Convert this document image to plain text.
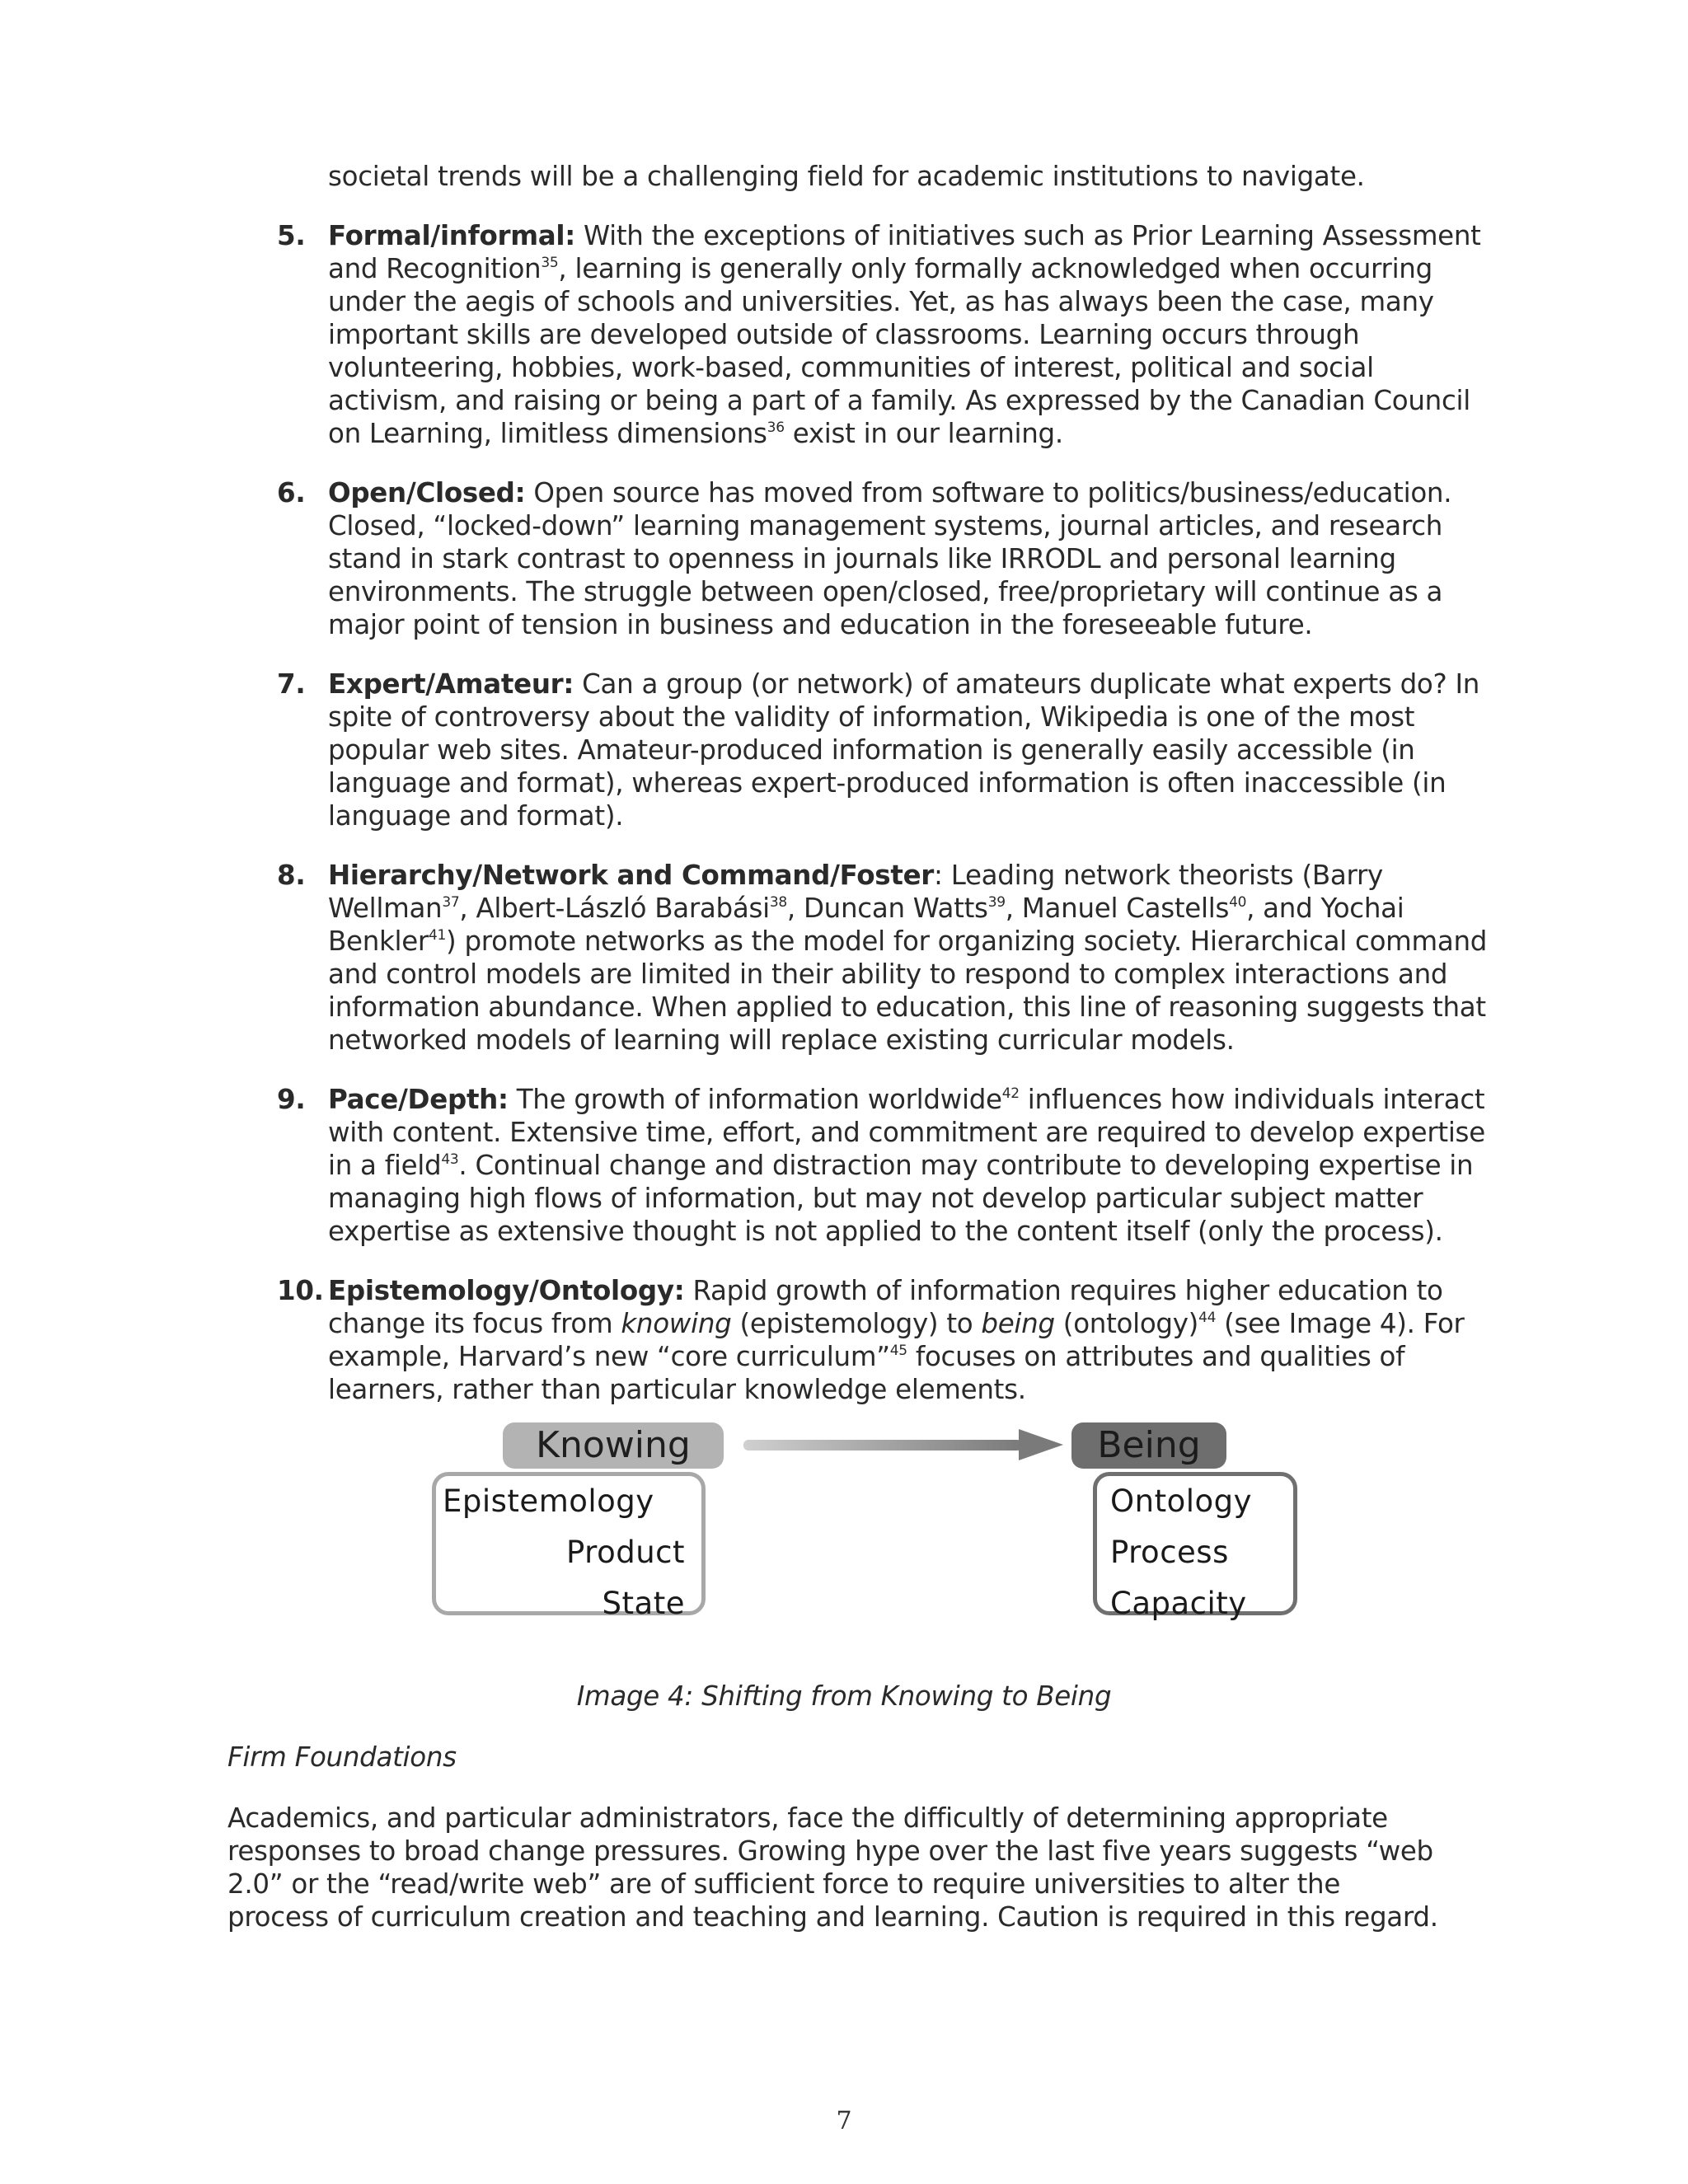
societal trends will be a challenging field for academic institutions to navigate.
5. Formal/informal: With the exceptions of initiatives such as Prior Learning Assessment and Recognition$^{35}$, learning is generally only formally acknowledged when occurring under the aegis of schools and universities. Yet, as has always been the case, many important skills are developed outside of classrooms. Learning occurs through volunteering, hobbies, work-based, communities of interest, political and social activism, and raising or being a part of a family. As expressed by the Canadian Council on Learning, limitless dimensions$^{36}$ exist in our learning.
6. Open/Closed: Open source has moved from software to politics/business/education. Closed, “locked-down” learning management systems, journal articles, and research stand in stark contrast to openness in journals like IRRODL and personal learning environments. The struggle between open/closed, free/proprietary will continue as a major point of tension in business and education in the foreseeable future.
7. Expert/Amateur: Can a group (or network) of amateurs duplicate what experts do? In spite of controversy about the validity of information, Wikipedia is one of the most popular web sites. Amateur-produced information is generally easily accessible (in language and format), whereas expert-produced information is often inaccessible (in language and format).
8. Hierarchy/Network and Command/Foster: Leading network theorists (Barry Wellman$^{37}$, Albert-László Barabási$^{38}$, Duncan Watts$^{39}$, Manuel Castells$^{40}$, and Yochai Benkler$^{41}$) promote networks as the model for organizing society. Hierarchical command and control models are limited in their ability to respond to complex interactions and information abundance. When applied to education, this line of reasoning suggests that networked models of learning will replace existing curricular models.
9. Pace/Depth: The growth of information worldwide$^{42}$ influences how individuals interact with content. Extensive time, effort, and commitment are required to develop expertise in a field$^{43}$. Continual change and distraction may contribute to developing expertise in managing high flows of information, but may not develop particular subject matter expertise as extensive thought is not applied to the content itself (only the process).
10. Epistemology/Ontology: Rapid growth of information requires higher education to change its focus from knowing (epistemology) to being (ontology)$^{44}$ (see Image 4). For example, Harvard’s new “core curriculum”$^{45}$ focuses on attributes and qualities of learners, rather than particular knowledge elements.
Knowing	Being
Epistemology
Product
State
Ontology
Process
Capacity
Image 4: Shifting from Knowing to Being
Firm Foundations
Academics, and particular administrators, face the difficultly of determining appropriate responses to broad change pressures. Growing hype over the last five years suggests “web 2.0” or the “read/write web” are of sufficient force to require universities to alter the process of curriculum creation and teaching and learning. Caution is required in this regard.
7
